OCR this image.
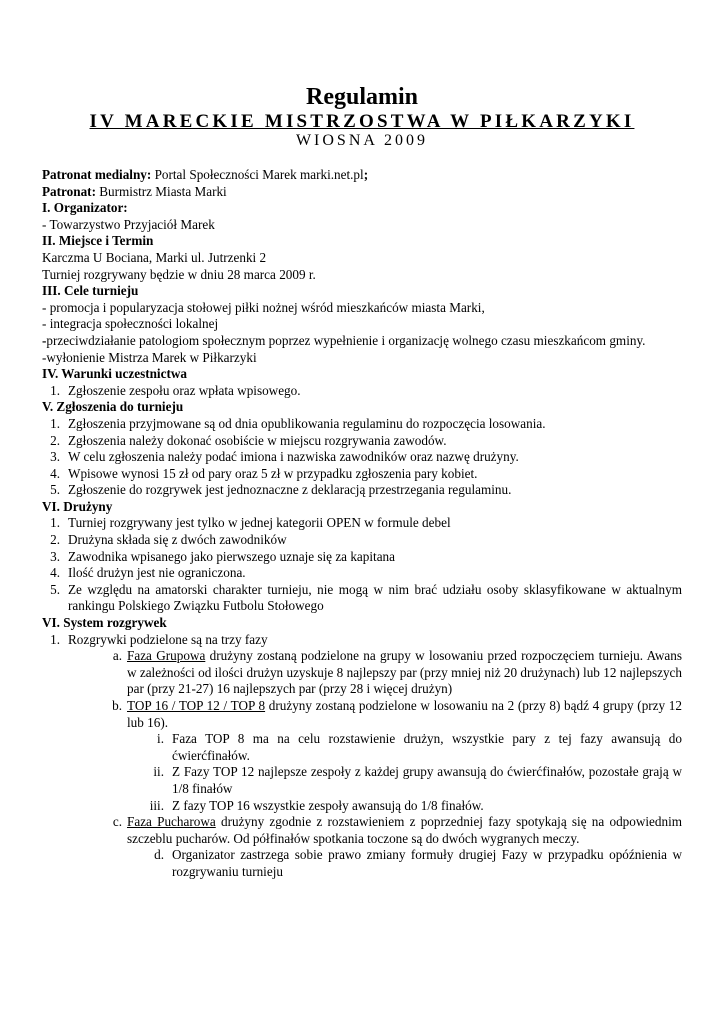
Regulamin
IV MARECKIE MISTRZOSTWA W PIŁKARZYKI
WIOSNA 2009

Patronat medialny: Portal Społeczności Marek marki.net.pl;

Patronat: Burmistrz Miasta Marki

I. Organizator:

- Towarzystwo Przyjaciół Marek

II. Miejsce i Termin

Karczma U Bociana, Marki ul. Jutrzenki 2

Turniej rozgrywany będzie w dniu 28 marca 2009 r.

III. Cele turnieju

- promocja i popularyzacja stołowej piłki nożnej wśród mieszkańców miasta Marki,

- integracja społeczności lokalnej

-przeciwdziałanie patologiom społecznym poprzez wypełnienie i organizację wolnego czasu mieszkańcom gminy.

-wyłonienie Mistrza Marek w Piłkarzyki

IV. Warunki uczestnictwa

1. Zgłoszenie zespołu oraz wpłata wpisowego.

V. Zgłoszenia do turnieju

1. Zgłoszenia przyjmowane są od dnia opublikowania regulaminu do rozpoczęcia losowania.
2. Zgłoszenia należy dokonać osobiście w miejscu rozgrywania zawodów.
3. W celu zgłoszenia należy podać imiona i nazwiska zawodników oraz nazwę drużyny.
4. Wpisowe wynosi 15 zł od pary oraz 5 zł w przypadku zgłoszenia pary kobiet.
5. Zgłoszenie do rozgrywek jest jednoznaczne z deklaracją przestrzegania regulaminu.

VI. Drużyny

1. Turniej rozgrywany jest tylko w jednej kategorii OPEN w formule debel
2. Drużyna składa się z dwóch zawodników
3. Zawodnika wpisanego jako pierwszego uznaje się za kapitana
4. Ilość drużyn jest nie ograniczona.
5. Ze względu na amatorski charakter turnieju, nie mogą w nim brać udziału osoby sklasyfikowane w aktualnym rankingu Polskiego Związku Futbolu Stołowego

VI. System rozgrywek

1. Rozgrywki podzielone są na trzy fazy
a. Faza Grupowa drużyny zostaną podzielone na grupy w losowaniu przed rozpoczęciem turnieju. Awans w zależności od ilości drużyn uzyskuje 8 najlepszy par (przy mniej niż 20 drużynach) lub 12 najlepszych par (przy 21-27) 16 najlepszych par (przy 28 i więcej drużyn)
b. TOP 16 / TOP 12 / TOP 8 drużyny zostaną podzielone w losowaniu na 2 (przy 8) bądź 4 grupy (przy 12 lub 16).
i. Faza TOP 8 ma na celu rozstawienie drużyn, wszystkie pary z tej fazy awansują do ćwierćfinałów.
ii. Z Fazy TOP 12 najlepsze zespoły z każdej grupy awansują do ćwierćfinałów, pozostałe grają w 1/8 finałów
iii. Z fazy TOP 16 wszystkie zespoły awansują do 1/8 finałów.
c. Faza Pucharowa drużyny zgodnie z rozstawieniem z poprzedniej fazy spotykają się na odpowiednim szczeblu pucharów. Od półfinałów spotkania toczone są do dwóch wygranych meczy.
d. Organizator zastrzega sobie prawo zmiany formuły drugiej Fazy w przypadku opóźnienia w rozgrywaniu turnieju
